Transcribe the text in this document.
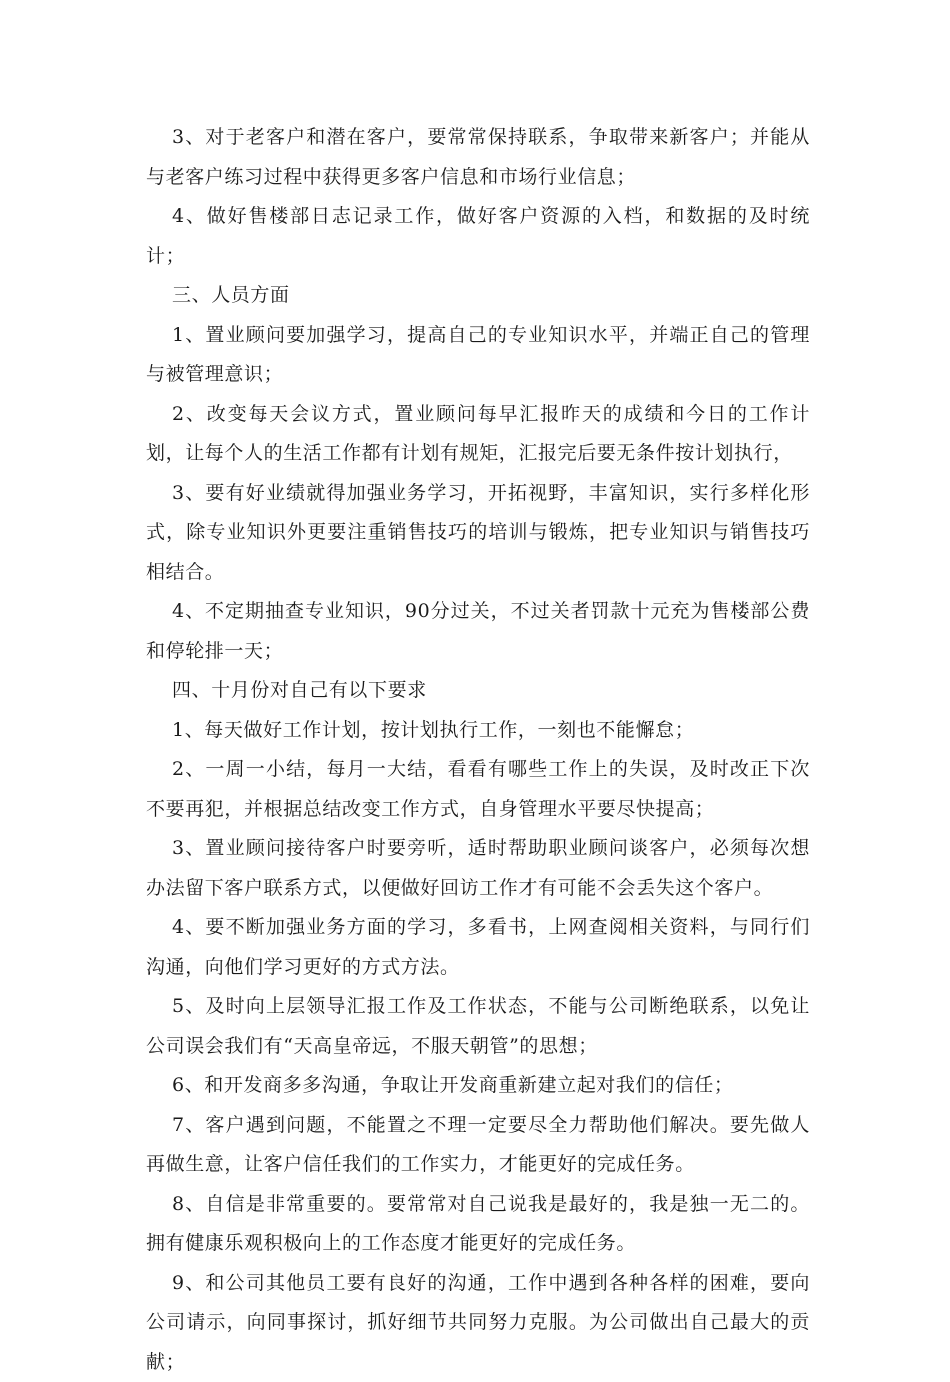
3、对于老客户和潜在客户，要常常保持联系，争取带来新客户；并能从与老客户练习过程中获得更多客户信息和市场行业信息；

4、做好售楼部日志记录工作，做好客户资源的入档，和数据的及时统计；

三、人员方面

1、置业顾问要加强学习，提高自己的专业知识水平，并端正自己的管理与被管理意识；

2、改变每天会议方式，置业顾问每早汇报昨天的成绩和今日的工作计划，让每个人的生活工作都有计划有规矩，汇报完后要无条件按计划执行，

3、要有好业绩就得加强业务学习，开拓视野，丰富知识，实行多样化形式，除专业知识外更要注重销售技巧的培训与锻炼，把专业知识与销售技巧相结合。

4、不定期抽查专业知识，90分过关，不过关者罚款十元充为售楼部公费和停轮排一天；

四、十月份对自己有以下要求

1、每天做好工作计划，按计划执行工作，一刻也不能懈怠；

2、一周一小结，每月一大结，看看有哪些工作上的失误，及时改正下次不要再犯，并根据总结改变工作方式，自身管理水平要尽快提高；

3、置业顾问接待客户时要旁听，适时帮助职业顾问谈客户，必须每次想办法留下客户联系方式，以便做好回访工作才有可能不会丢失这个客户。

4、要不断加强业务方面的学习，多看书，上网查阅相关资料，与同行们沟通，向他们学习更好的方式方法。

5、及时向上层领导汇报工作及工作状态，不能与公司断绝联系，以免让公司误会我们有“天高皇帝远，不服天朝管”的思想；

6、和开发商多多沟通，争取让开发商重新建立起对我们的信任；

7、客户遇到问题，不能置之不理一定要尽全力帮助他们解决。要先做人再做生意，让客户信任我们的工作实力，才能更好的完成任务。

8、自信是非常重要的。要常常对自己说我是最好的，我是独一无二的。拥有健康乐观积极向上的工作态度才能更好的完成任务。

9、和公司其他员工要有良好的沟通，工作中遇到各种各样的困难，要向公司请示，向同事探讨，抓好细节共同努力克服。为公司做出自己最大的贡献；
